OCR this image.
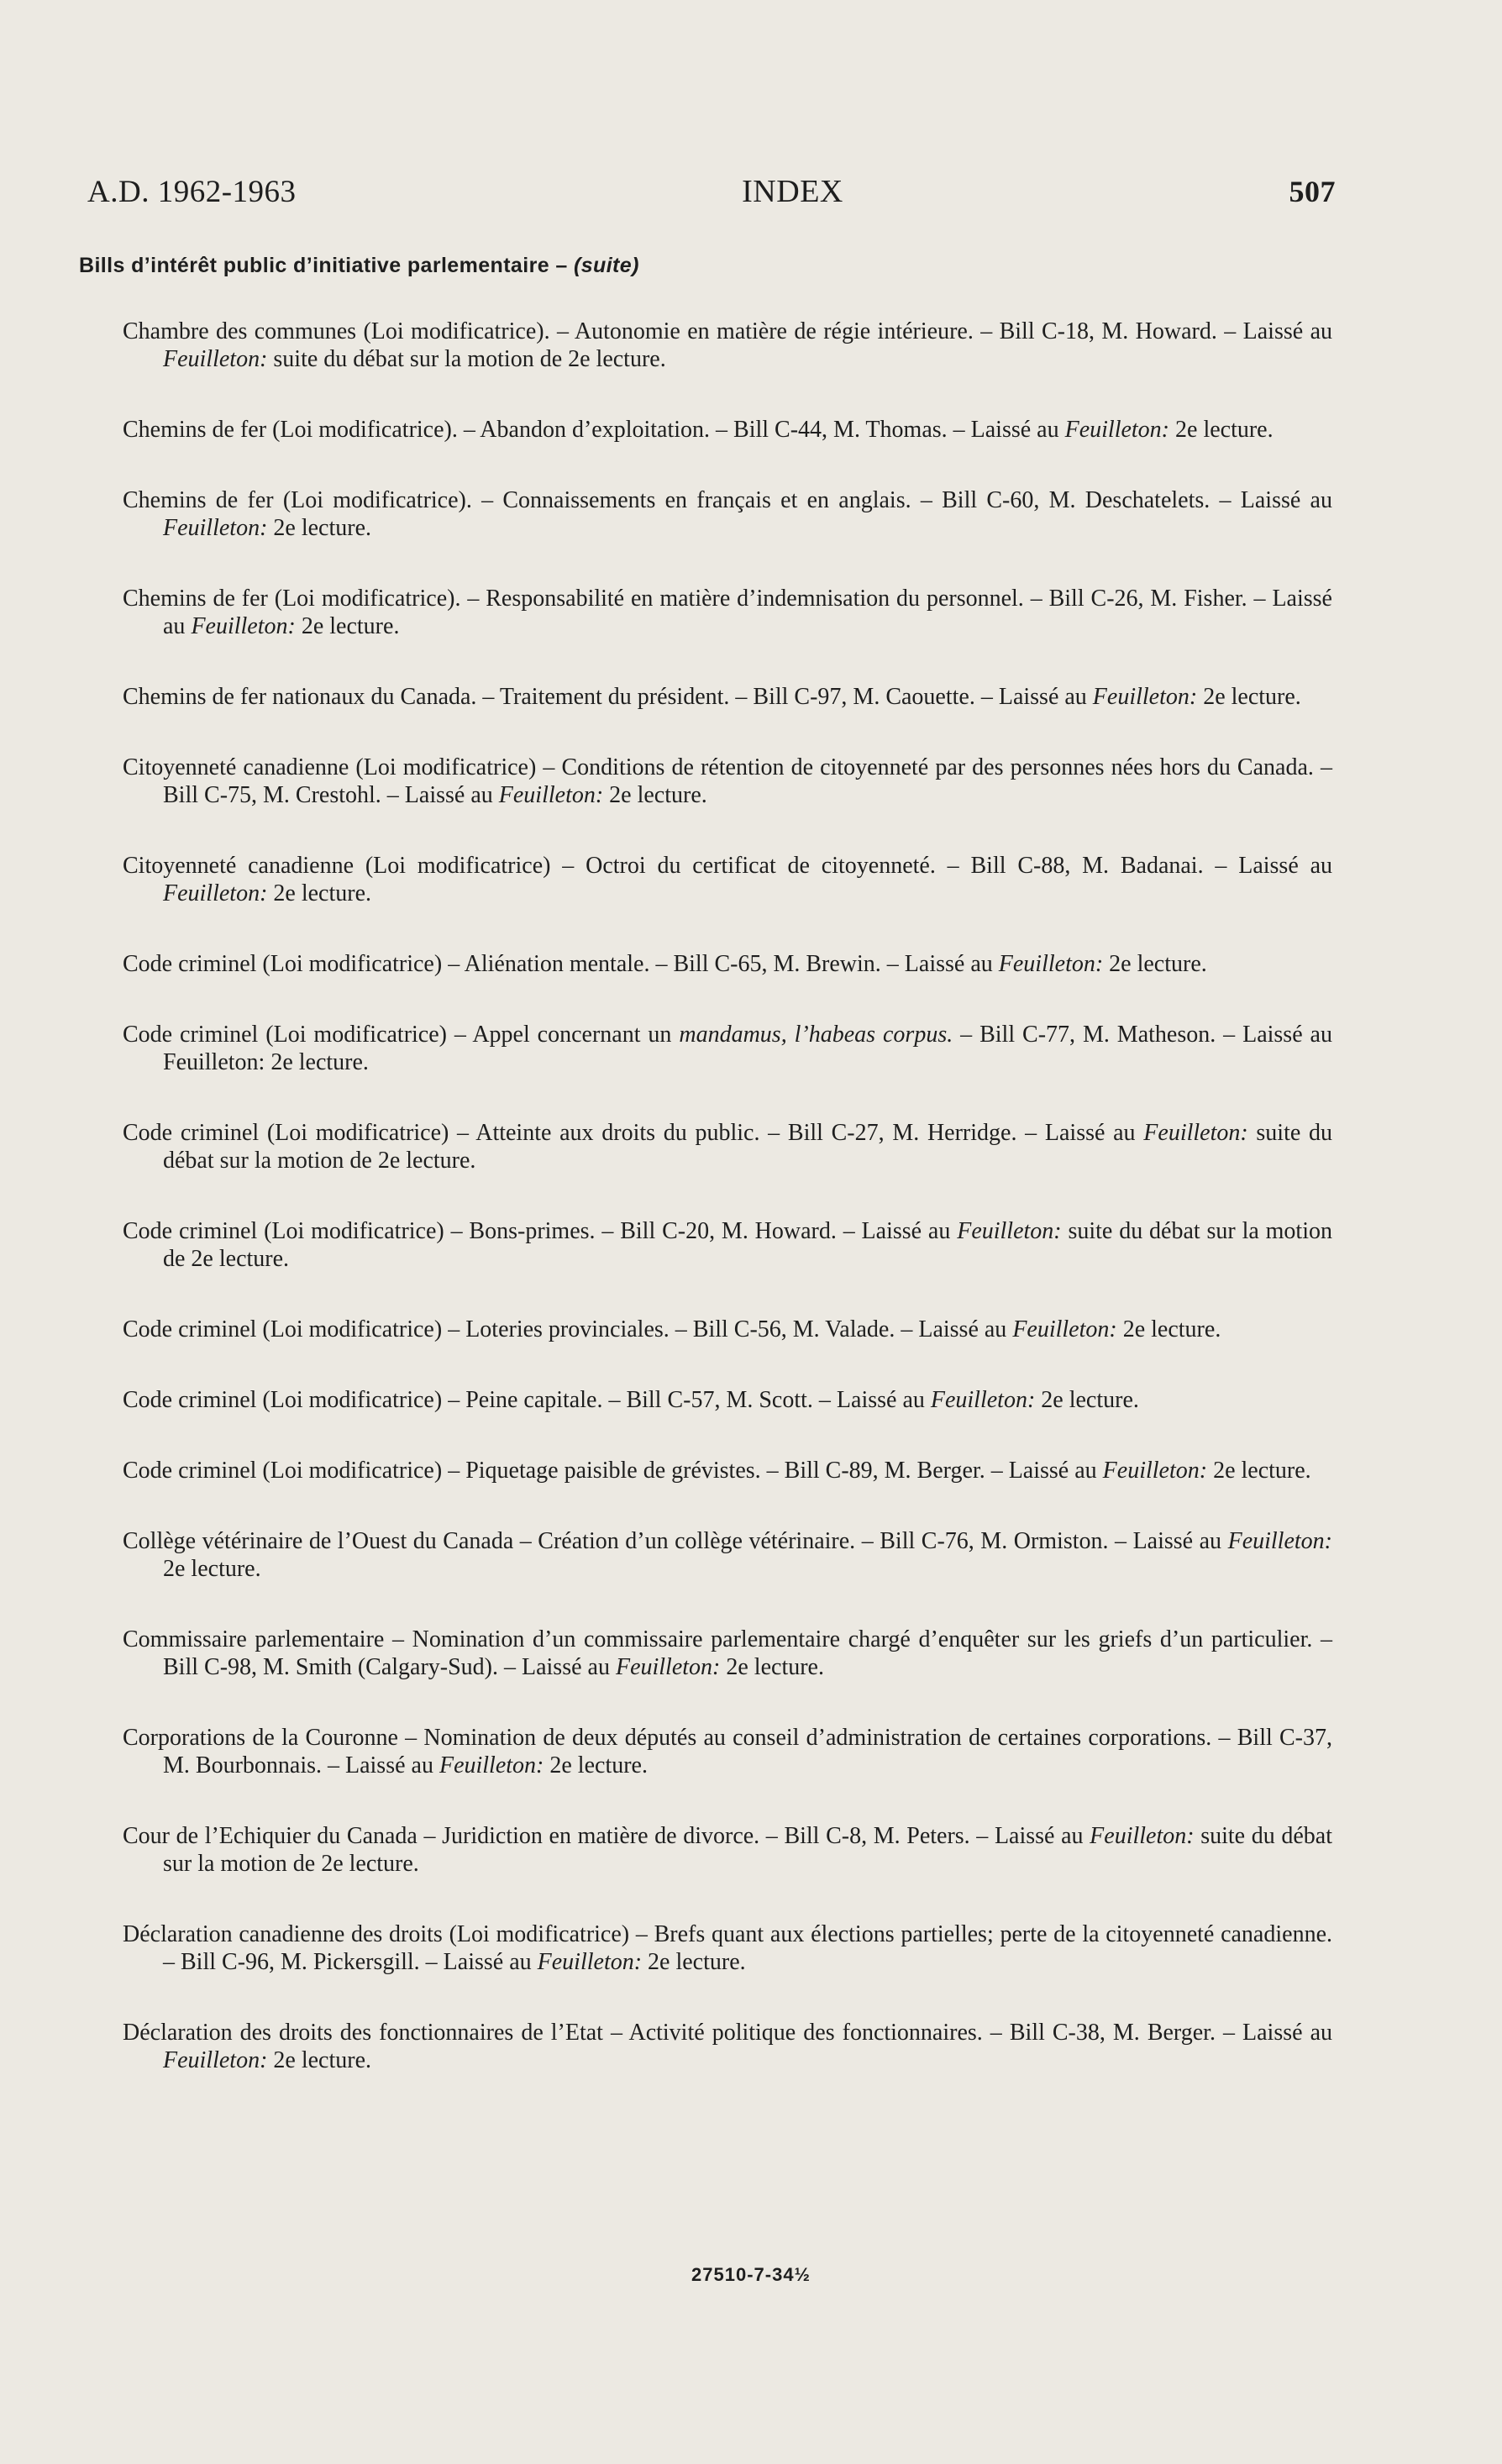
A.D. 1962-1963	INDEX	507
Bills d’intérêt public d’initiative parlementaire – (suite)

Chambre des communes (Loi modificatrice). – Autonomie en matière de régie intérieure. – Bill C-18, M. Howard. – Laissé au Feuilleton: suite du débat sur la motion de 2e lecture.

Chemins de fer (Loi modificatrice). – Abandon d’exploitation. – Bill C-44, M. Thomas. – Laissé au Feuilleton: 2e lecture.

Chemins de fer (Loi modificatrice). – Connaissements en français et en anglais. – Bill C-60, M. Deschatelets. – Laissé au Feuilleton: 2e lecture.

Chemins de fer (Loi modificatrice). – Responsabilité en matière d’indemnisation du personnel. – Bill C-26, M. Fisher. – Laissé au Feuilleton: 2e lecture.

Chemins de fer nationaux du Canada. – Traitement du président. – Bill C-97, M. Caouette. – Laissé au Feuilleton: 2e lecture.

Citoyenneté canadienne (Loi modificatrice) – Conditions de rétention de citoyenneté par des personnes nées hors du Canada. – Bill C-75, M. Crestohl. – Laissé au Feuilleton: 2e lecture.

Citoyenneté canadienne (Loi modificatrice) – Octroi du certificat de citoyenneté. – Bill C-88, M. Badanai. – Laissé au Feuilleton: 2e lecture.

Code criminel (Loi modificatrice) – Aliénation mentale. – Bill C-65, M. Brewin. – Laissé au Feuilleton: 2e lecture.

Code criminel (Loi modificatrice) – Appel concernant un mandamus, l’habeas corpus. – Bill C-77, M. Matheson. – Laissé au Feuilleton: 2e lecture.

Code criminel (Loi modificatrice) – Atteinte aux droits du public. – Bill C-27, M. Herridge. – Laissé au Feuilleton: suite du débat sur la motion de 2e lecture.

Code criminel (Loi modificatrice) – Bons-primes. – Bill C-20, M. Howard. – Laissé au Feuilleton: suite du débat sur la motion de 2e lecture.

Code criminel (Loi modificatrice) – Loteries provinciales. – Bill C-56, M. Valade. – Laissé au Feuilleton: 2e lecture.

Code criminel (Loi modificatrice) – Peine capitale. – Bill C-57, M. Scott. – Laissé au Feuilleton: 2e lecture.

Code criminel (Loi modificatrice) – Piquetage paisible de grévistes. – Bill C-89, M. Berger. – Laissé au Feuilleton: 2e lecture.

Collège vétérinaire de l’Ouest du Canada – Création d’un collège vétérinaire. – Bill C-76, M. Ormiston. – Laissé au Feuilleton: 2e lecture.

Commissaire parlementaire – Nomination d’un commissaire parlementaire chargé d’enquêter sur les griefs d’un particulier. – Bill C-98, M. Smith (Calgary-Sud). – Laissé au Feuilleton: 2e lecture.

Corporations de la Couronne – Nomination de deux députés au conseil d’administration de certaines corporations. – Bill C-37, M. Bourbonnais. – Laissé au Feuilleton: 2e lecture.

Cour de l’Echiquier du Canada – Juridiction en matière de divorce. – Bill C-8, M. Peters. – Laissé au Feuilleton: suite du débat sur la motion de 2e lecture.

Déclaration canadienne des droits (Loi modificatrice) – Brefs quant aux élections partielles; perte de la citoyenneté canadienne. – Bill C-96, M. Pickersgill. – Laissé au Feuilleton: 2e lecture.

Déclaration des droits des fonctionnaires de l’Etat – Activité politique des fonctionnaires. – Bill C-38, M. Berger. – Laissé au Feuilleton: 2e lecture.

27510-7-34½
